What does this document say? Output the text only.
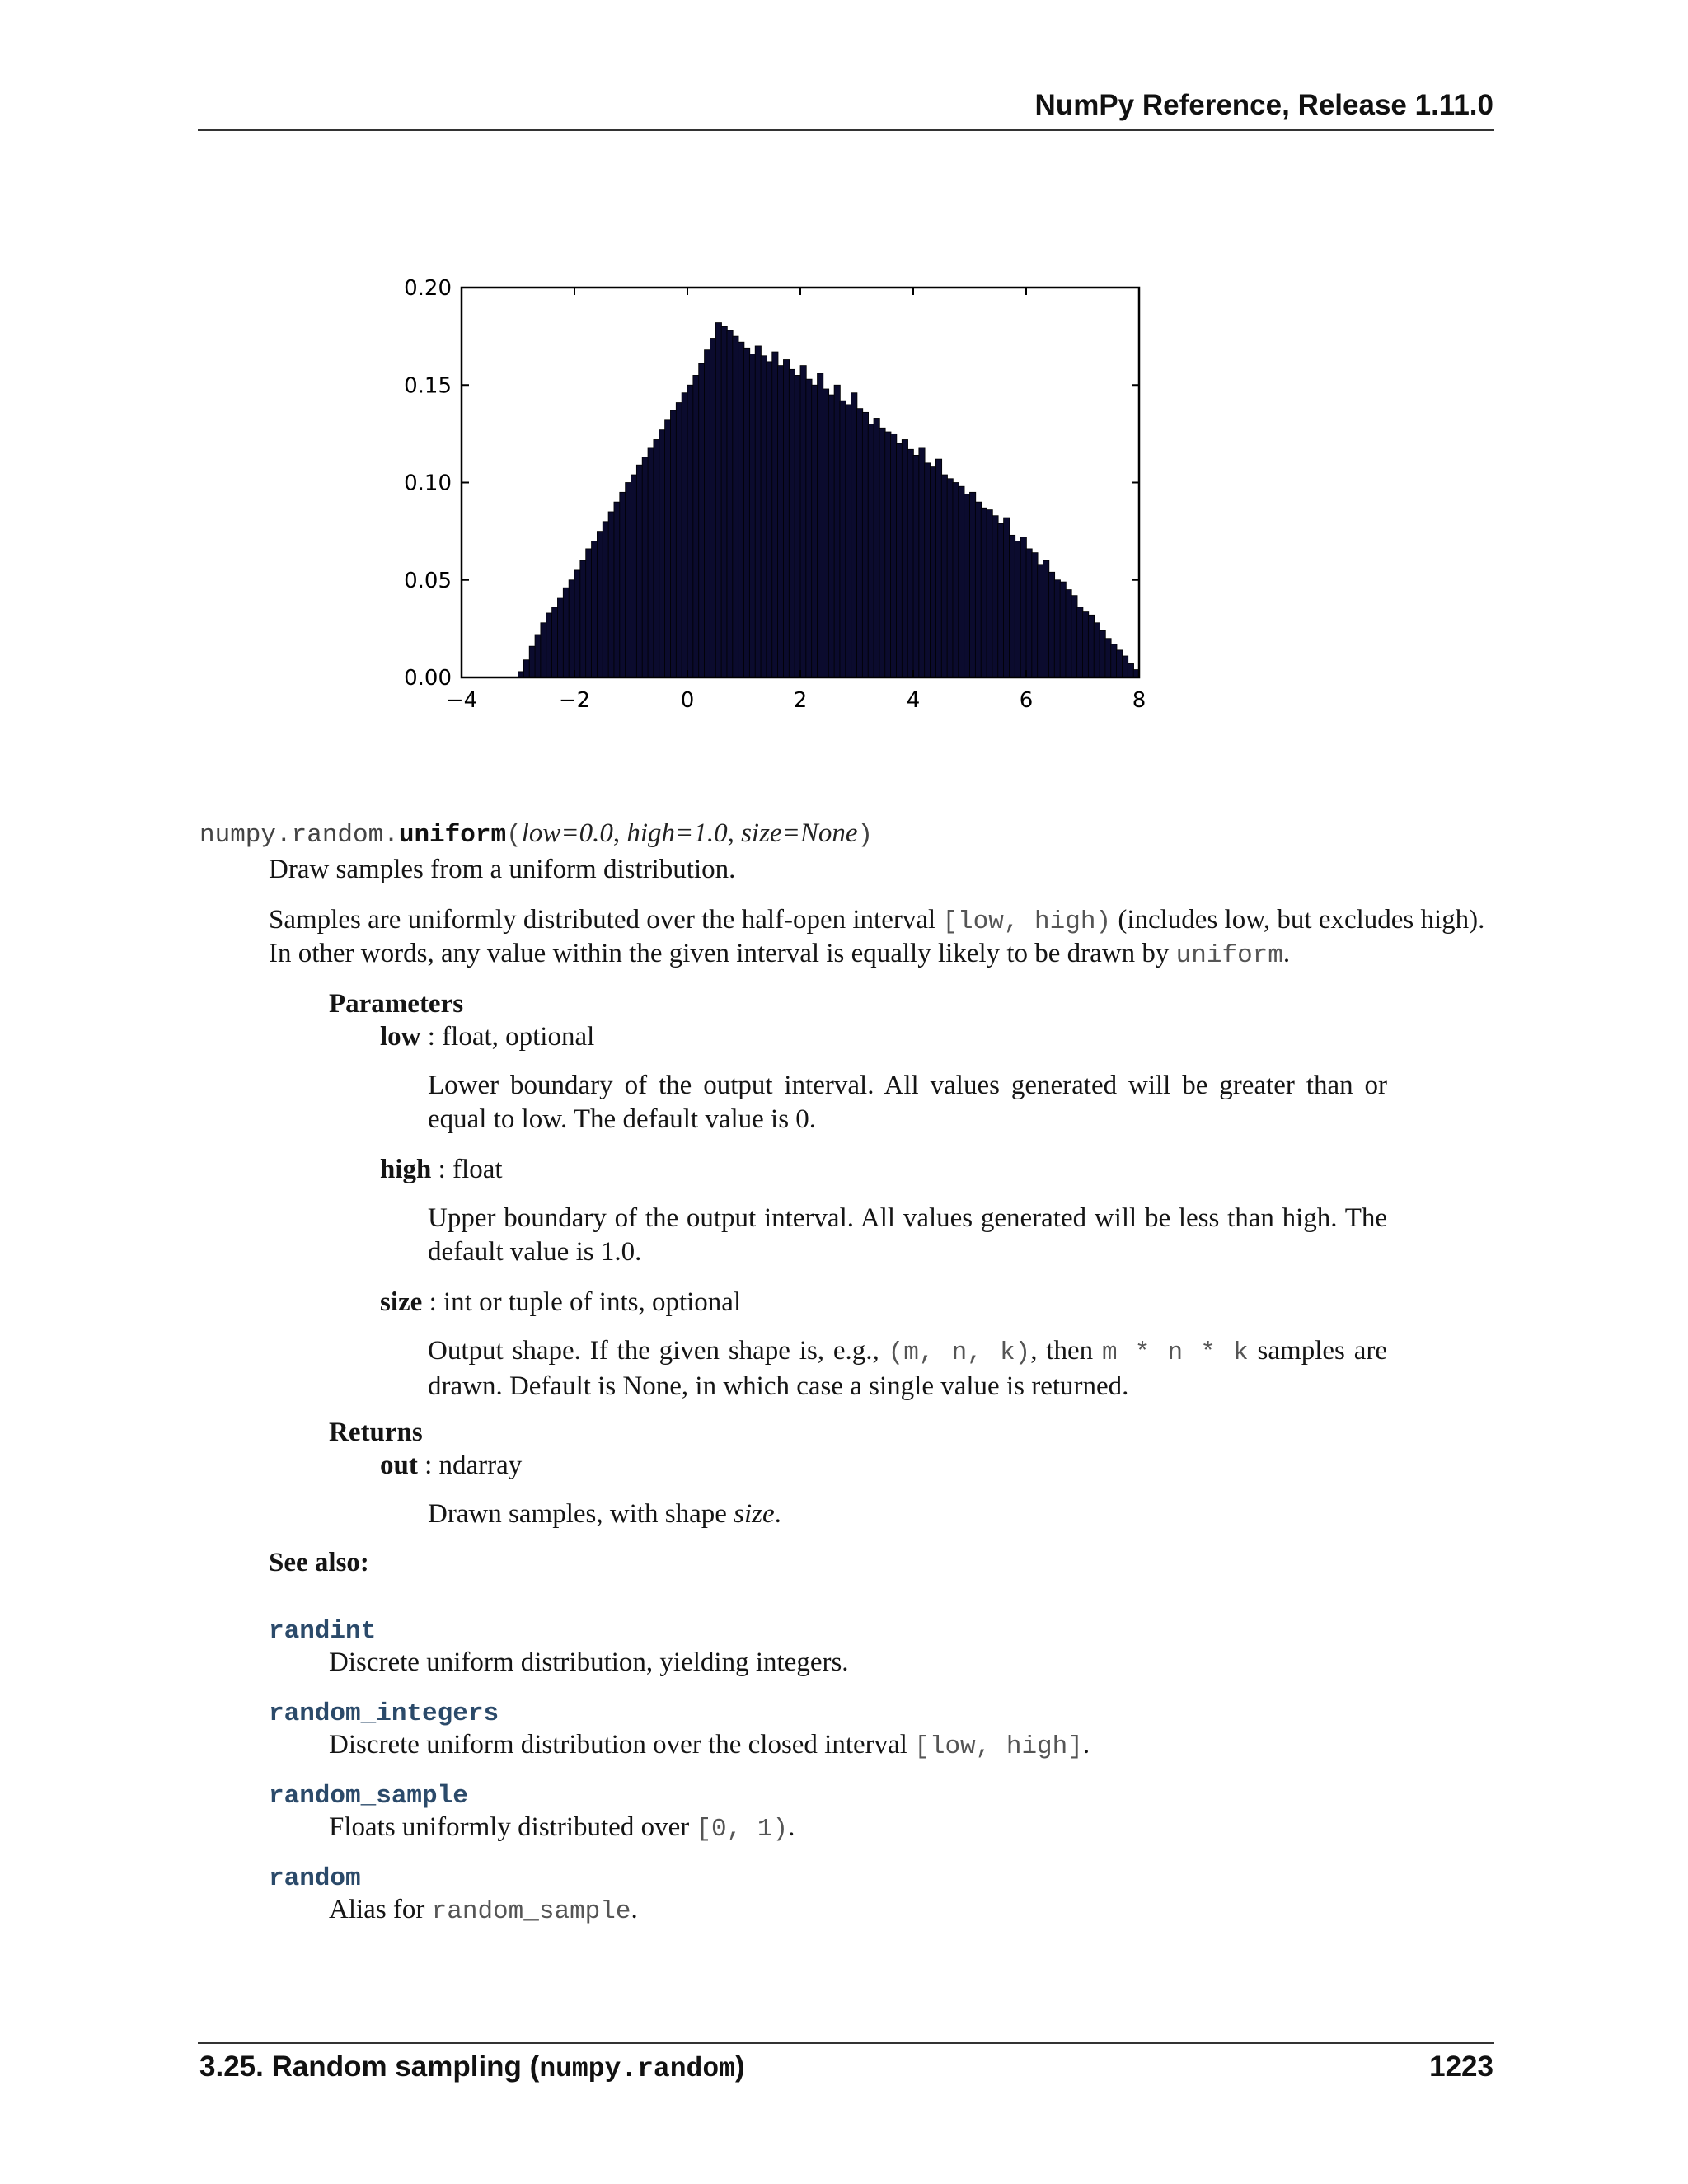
NumPy Reference, Release 1.11.0
−4	−2	0	2	4	6	8
0.00
0.05
0.10
0.15
0.20
numpy.random.uniform(low=0.0, high=1.0, size=None)
Draw samples from a uniform distribution.
Samples are uniformly distributed over the half-open interval [low, high) (includes low, but excludes high).
In other words, any value within the given interval is equally likely to be drawn by uniform.
Parameters
low : float, optional
Lower boundary of the output interval. All values generated will be greater than or equal to low. The default value is 0.
high : float
Upper boundary of the output interval. All values generated will be less than high. The default value is 1.0.
size : int or tuple of ints, optional
Output shape. If the given shape is, e.g., (m, n, k), then m * n * k samples are drawn. Default is None, in which case a single value is returned.
Returns
out : ndarray
Drawn samples, with shape size.
See also:
randint
Discrete uniform distribution, yielding integers.
random_integers
Discrete uniform distribution over the closed interval [low, high].
random_sample
Floats uniformly distributed over [0, 1).
random
Alias for random_sample.
3.25. Random sampling (numpy.random)	1223
